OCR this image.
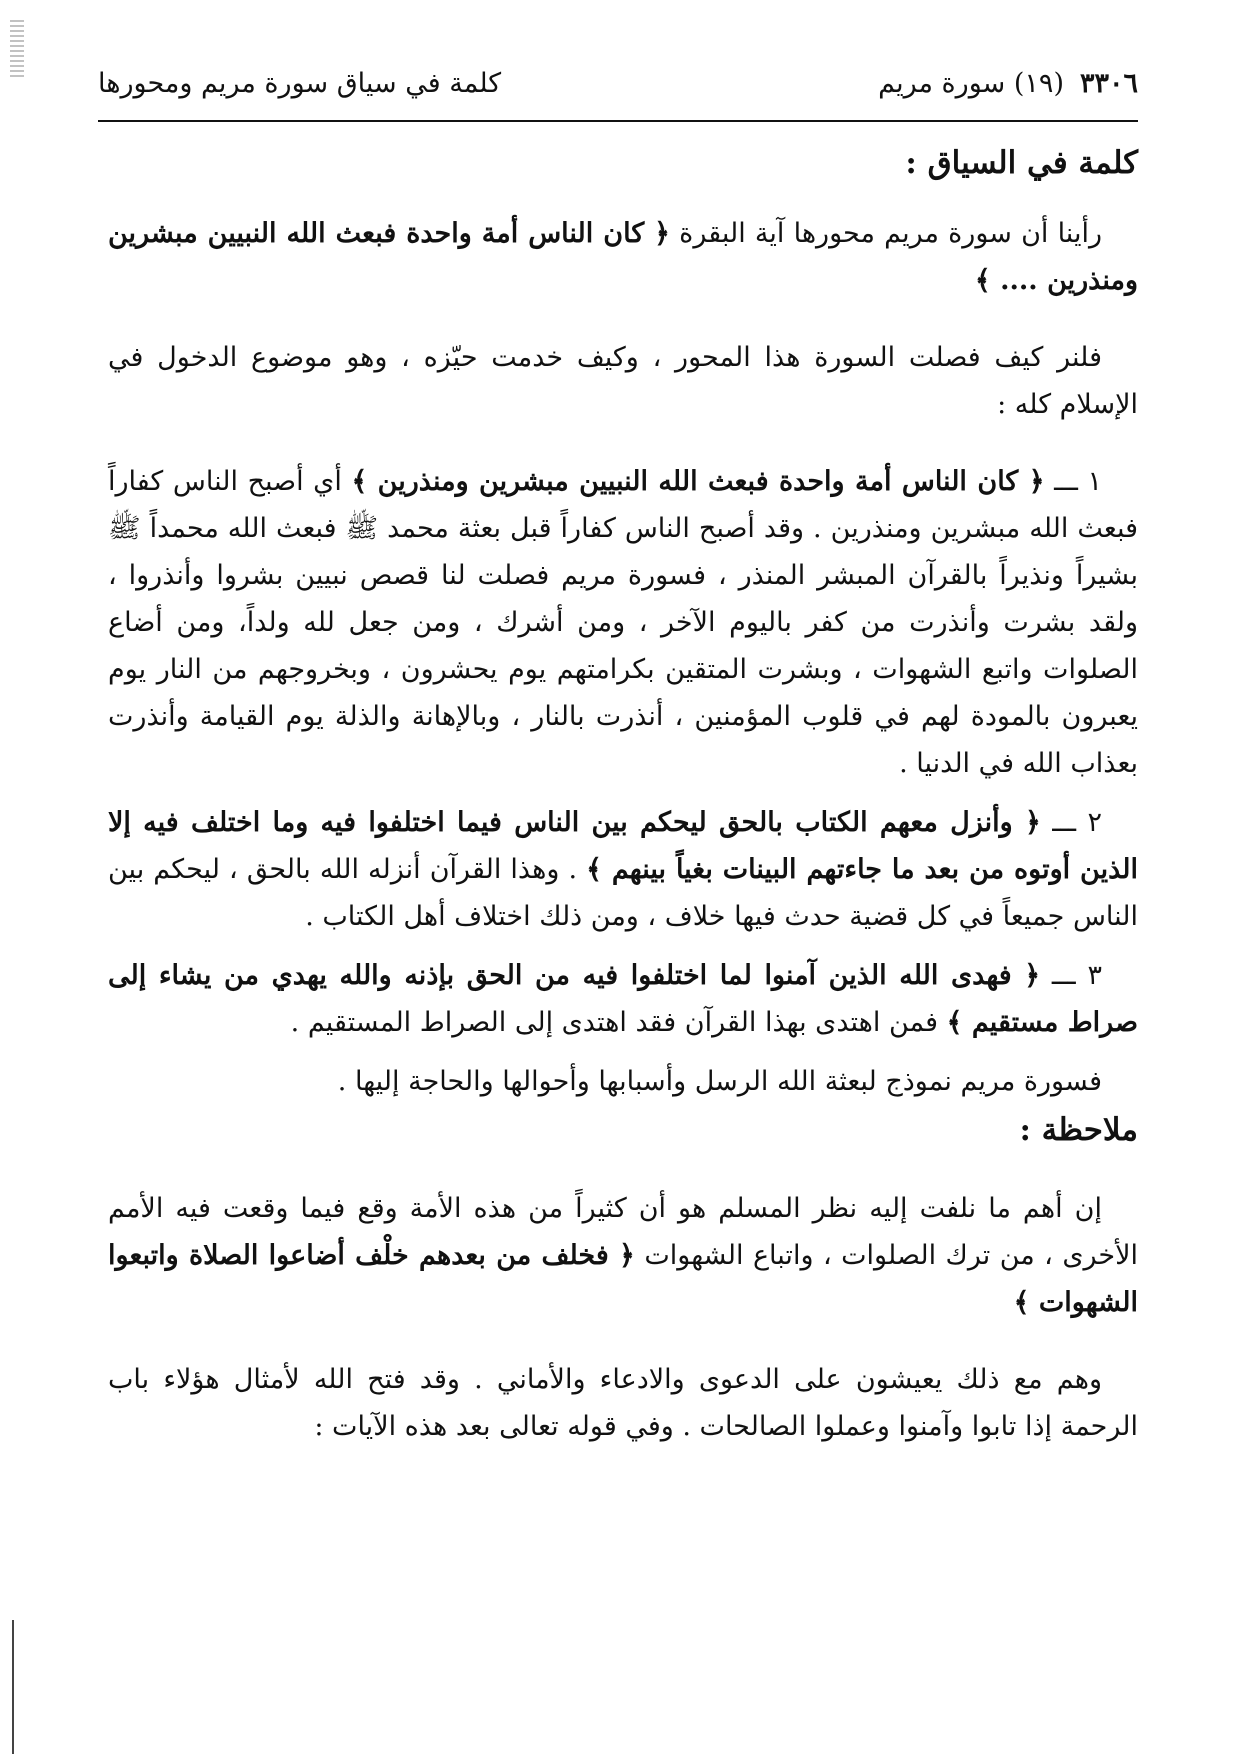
٣٣٠٦(١٩) سورة مريم
كلمة في سياق سورة مريم ومحورها

كلمة في السياق :

رأينا أن سورة مريم محورها آية البقرة ﴿ كان الناس أمة واحدة فبعث الله النبيين مبشرين ومنذرين .... ﴾

فلنر كيف فصلت السورة هذا المحور ، وكيف خدمت حيّزه ، وهو موضوع الدخول في الإسلام كله :

١ ـــ ﴿ كان الناس أمة واحدة فبعث الله النبيين مبشرين ومنذرين ﴾ أي أصبح الناس كفاراً فبعث الله مبشرين ومنذرين . وقد أصبح الناس كفاراً قبل بعثة محمد ﷺ فبعث الله محمداً ﷺ بشيراً ونذيراً بالقرآن المبشر المنذر ، فسورة مريم فصلت لنا قصص نبيين بشروا وأنذروا ، ولقد بشرت وأنذرت من كفر باليوم الآخر ، ومن أشرك ، ومن جعل لله ولداً، ومن أضاع الصلوات واتبع الشهوات ، وبشرت المتقين بكرامتهم يوم يحشرون ، وبخروجهم من النار يوم يعبرون بالمودة لهم في قلوب المؤمنين ، أنذرت بالنار ، وبالإهانة والذلة يوم القيامة وأنذرت بعذاب الله في الدنيا .

٢ ـــ ﴿ وأنزل معهم الكتاب بالحق ليحكم بين الناس فيما اختلفوا فيه وما اختلف فيه إلا الذين أوتوه من بعد ما جاءتهم البينات بغياً بينهم ﴾ . وهذا القرآن أنزله الله بالحق ، ليحكم بين الناس جميعاً في كل قضية حدث فيها خلاف ، ومن ذلك اختلاف أهل الكتاب .

٣ ـــ ﴿ فهدى الله الذين آمنوا لما اختلفوا فيه من الحق بإذنه والله يهدي من يشاء إلى صراط مستقيم ﴾ فمن اهتدى بهذا القرآن فقد اهتدى إلى الصراط المستقيم .

فسورة مريم نموذج لبعثة الله الرسل وأسبابها وأحوالها والحاجة إليها .

ملاحظة :

إن أهم ما نلفت إليه نظر المسلم هو أن كثيراً من هذه الأمة وقع فيما وقعت فيه الأمم الأخرى ، من ترك الصلوات ، واتباع الشهوات ﴿ فخلف من بعدهم خلْف أضاعوا الصلاة واتبعوا الشهوات ﴾

وهم مع ذلك يعيشون على الدعوى والادعاء والأماني . وقد فتح الله لأمثال هؤلاء باب الرحمة إذا تابوا وآمنوا وعملوا الصالحات . وفي قوله تعالى بعد هذه الآيات :
